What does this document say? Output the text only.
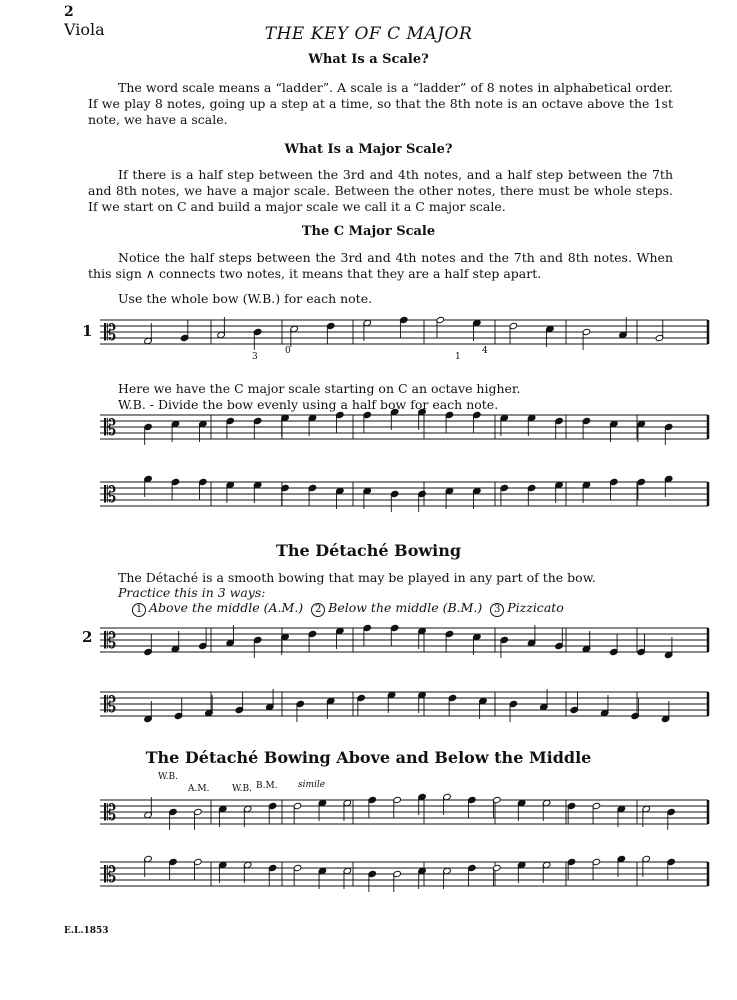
2
Viola	THE KEY OF C MAJOR
What Is a Scale?
The word scale means a “ladder”. A scale is a “ladder” of 8 notes in alphabetical order. If we play 8 notes, going up a step at a time, so that the 8th note is an octave above the 1st note, we have a scale.
What Is a Major Scale?
If there is a half step between the 3rd and 4th notes, and a half step between the 7th and 8th notes, we have a major scale. Between the other notes, there must be whole steps. If we start on C and build a major scale we call it a C major scale.
The C Major Scale
Notice the half steps between the 3rd and 4th notes and the 7th and 8th notes. When this sign ∧ connects two notes, it means that they are a half step apart.
Use the whole bow (W.B.) for each note.
1 𝄡
𝄡
𝄡
𝄡
𝄡
𝄡
𝄡
Here we have the C major scale starting on C an octave higher.
W.B. - Divide the bow evenly using a half bow for each note.
The Détaché Bowing
The Détaché is a smooth bowing that may be played in any part of the bow.
Practice this in 3 ways:
1 Above the middle (A.M.) 2 Below the middle (B.M.) 3 Pizzicato
2
The Détaché Bowing Above and Below the Middle
W.B.
A.M.	W.B. B.M. simile
3
0
1
4
E.L.1853
